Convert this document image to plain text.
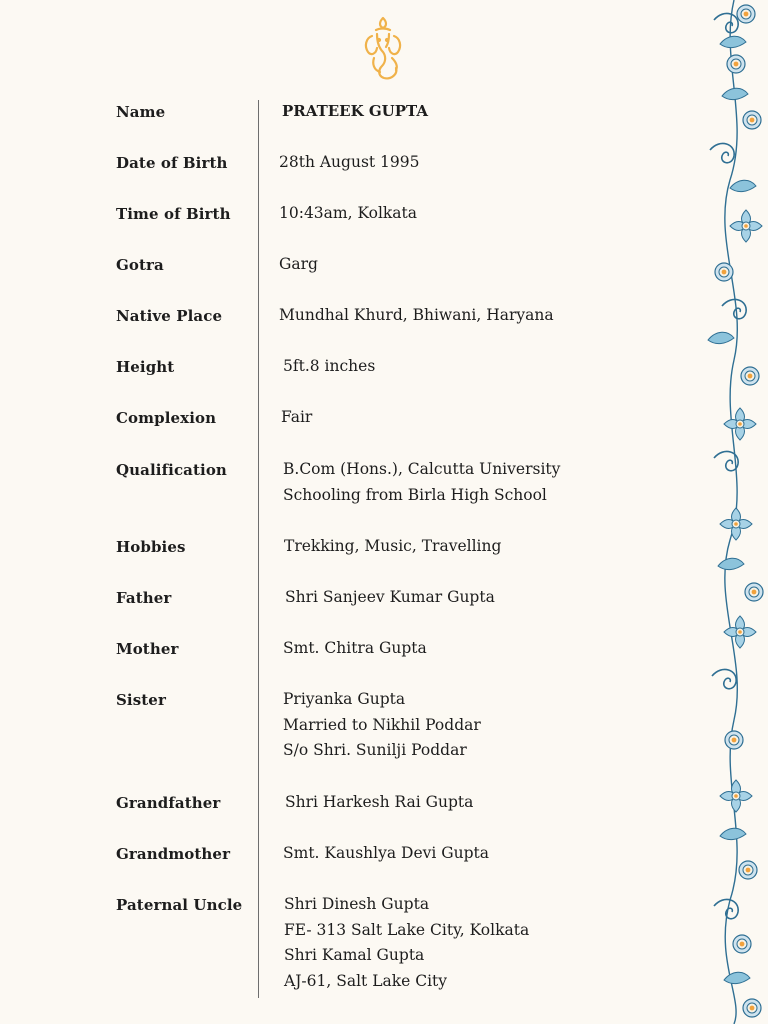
Name	PRATEEK GUPTA
Date of Birth	28th August 1995
Time of Birth	10:43am, Kolkata
Gotra	Garg
Native Place	Mundhal Khurd, Bhiwani, Haryana
Height	5ft.8 inches
Complexion	Fair
Qualification	B.Com (Hons.), Calcutta University
Schooling from Birla High School
Hobbies	Trekking, Music, Travelling
Father	Shri Sanjeev Kumar Gupta
Mother	Smt. Chitra Gupta
Sister	Priyanka Gupta
Married to Nikhil Poddar
S/o Shri. Sunilji Poddar
Grandfather	Shri Harkesh Rai Gupta
Grandmother	Smt. Kaushlya Devi Gupta
Paternal Uncle	Shri Dinesh Gupta
FE- 313 Salt Lake City, Kolkata
Shri Kamal Gupta
AJ-61, Salt Lake City
